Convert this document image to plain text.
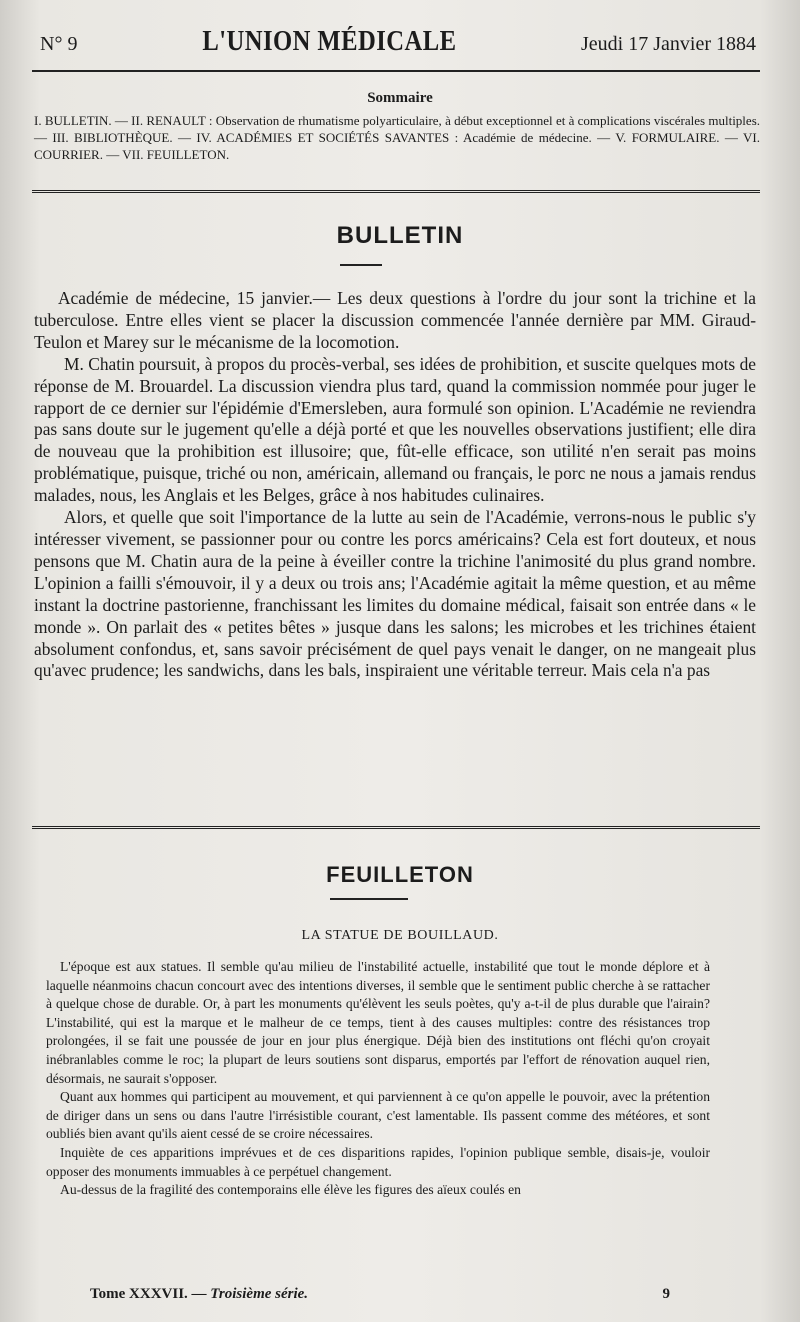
N° 9	L'UNION MÉDICALE	Jeudi 17 Janvier 1884
Sommaire
I. BULLETIN. — II. RENAULT : Observation de rhumatisme polyarticulaire, à début exceptionnel et à complications viscérales multiples. — III. BIBLIOTHÈQUE. — IV. ACADÉMIES ET SOCIÉTÉS SAVANTES : Académie de médecine. — V. FORMULAIRE. — VI. COURRIER. — VII. FEUILLETON.
BULLETIN

Académie de médecine, 15 janvier.— Les deux questions à l'ordre du jour sont la trichine et la tuberculose. Entre elles vient se placer la discussion commencée l'année dernière par MM. Giraud-Teulon et Marey sur le mécanisme de la locomotion.

M. Chatin poursuit, à propos du procès-verbal, ses idées de prohibition, et suscite quelques mots de réponse de M. Brouardel. La discussion viendra plus tard, quand la commission nommée pour juger le rapport de ce dernier sur l'épidémie d'Emersleben, aura formulé son opinion. L'Académie ne reviendra pas sans doute sur le jugement qu'elle a déjà porté et que les nouvelles observations justifient; elle dira de nouveau que la prohibition est illusoire; que, fût-elle efficace, son utilité n'en serait pas moins problématique, puisque, triché ou non, américain, allemand ou français, le porc ne nous a jamais rendus malades, nous, les Anglais et les Belges, grâce à nos habitudes culinaires.

Alors, et quelle que soit l'importance de la lutte au sein de l'Académie, verrons-nous le public s'y intéresser vivement, se passionner pour ou contre les porcs américains? Cela est fort douteux, et nous pensons que M. Chatin aura de la peine à éveiller contre la trichine l'animosité du plus grand nombre. L'opinion a failli s'émouvoir, il y a deux ou trois ans; l'Académie agitait la même question, et au même instant la doctrine pastorienne, franchissant les limites du domaine médical, faisait son entrée dans « le monde ». On parlait des « petites bêtes » jusque dans les salons; les microbes et les trichines étaient absolument confondus, et, sans savoir précisément de quel pays venait le danger, on ne mangeait plus qu'avec prudence; les sandwichs, dans les bals, inspiraient une véritable terreur. Mais cela n'a pas

FEUILLETON
LA STATUE DE BOUILLAUD.

L'époque est aux statues. Il semble qu'au milieu de l'instabilité actuelle, instabilité que tout le monde déplore et à laquelle néanmoins chacun concourt avec des intentions diverses, il semble que le sentiment public cherche à se rattacher à quelque chose de durable. Or, à part les monuments qu'élèvent les seuls poètes, qu'y a-t-il de plus durable que l'airain? L'instabilité, qui est la marque et le malheur de ce temps, tient à des causes multiples: contre des résistances trop prolongées, il se fait une poussée de jour en jour plus énergique. Déjà bien des institutions ont fléchi qu'on croyait inébranlables comme le roc; la plupart de leurs soutiens sont disparus, emportés par l'effort de rénovation auquel rien, désormais, ne saurait s'opposer.

Quant aux hommes qui participent au mouvement, et qui parviennent à ce qu'on appelle le pouvoir, avec la prétention de diriger dans un sens ou dans l'autre l'irrésistible courant, c'est lamentable. Ils passent comme des météores, et sont oubliés bien avant qu'ils aient cessé de se croire nécessaires.

Inquiète de ces apparitions imprévues et de ces disparitions rapides, l'opinion publique semble, disais-je, vouloir opposer des monuments immuables à ce perpétuel changement.

Au-dessus de la fragilité des contemporains elle élève les figures des aïeux coulés en

Tome XXXVII. — Troisième série.	9
